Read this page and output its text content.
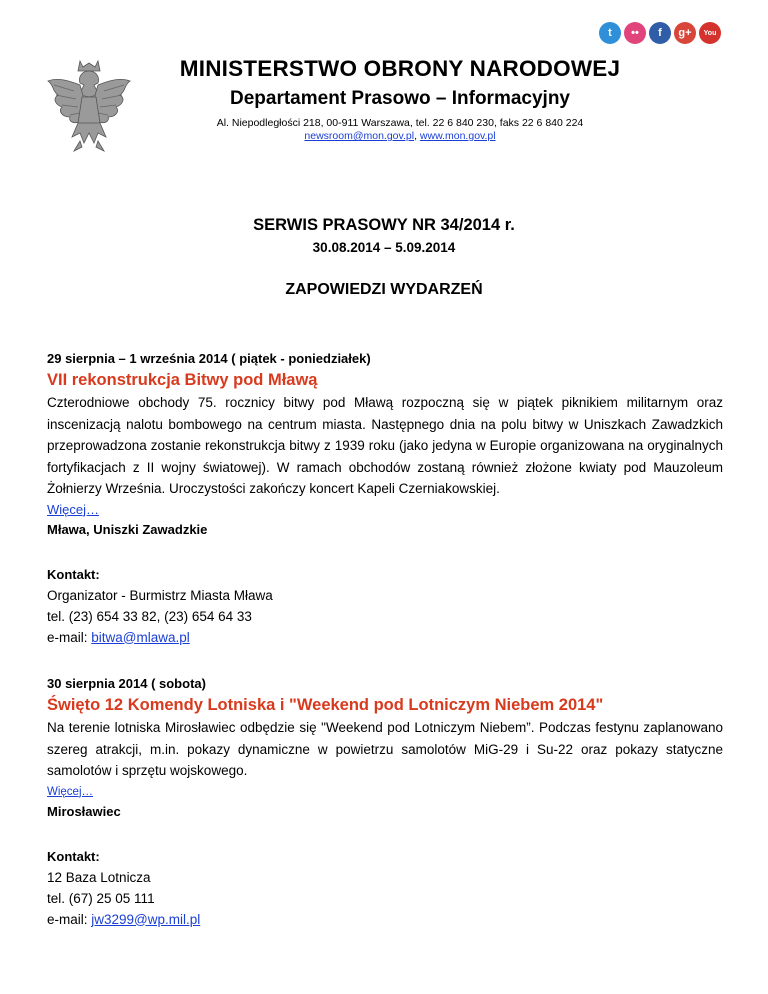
t	••	f	g+	You
MINISTERSTWO OBRONY NARODOWEJ
Departament Prasowo – Informacyjny
Al. Niepodległości 218, 00-911 Warszawa, tel. 22 6 840 230, faks 22 6 840 224
newsroom@mon.gov.pl, www.mon.gov.pl
SERWIS PRASOWY NR 34/2014 r.
30.08.2014 – 5.09.2014
ZAPOWIEDZI WYDARZEŃ
29 sierpnia – 1 września 2014 ( piątek - poniedziałek)
VII rekonstrukcja Bitwy pod Mławą
Czterodniowe obchody 75. rocznicy bitwy pod Mławą rozpoczną się w piątek piknikiem militarnym oraz inscenizacją nalotu bombowego na centrum miasta. Następnego dnia na polu bitwy w Uniszkach Zawadzkich przeprowadzona zostanie rekonstrukcja bitwy z 1939 roku (jako jedyna w Europie organizowana na oryginalnych fortyfikacjach z II wojny światowej). W ramach obchodów zostaną również złożone kwiaty pod Mauzoleum Żołnierzy Września. Uroczystości zakończy koncert Kapeli Czerniakowskiej.
Więcej…
Mława, Uniszki Zawadzkie
Kontakt:
Organizator - Burmistrz Miasta Mława
tel. (23) 654 33 82, (23) 654 64 33
e-mail: bitwa@mlawa.pl
30 sierpnia 2014 ( sobota)
Święto 12 Komendy Lotniska i "Weekend pod Lotniczym Niebem 2014"
Na terenie lotniska Mirosławiec odbędzie się "Weekend pod Lotniczym Niebem”. Podczas festynu zaplanowano szereg atrakcji, m.in. pokazy dynamiczne w powietrzu samolotów MiG-29 i Su-22 oraz pokazy statyczne samolotów i sprzętu wojskowego.
Więcej…
Mirosławiec
Kontakt:
12 Baza Lotnicza
tel. (67) 25 05 111
e-mail: jw3299@wp.mil.pl
